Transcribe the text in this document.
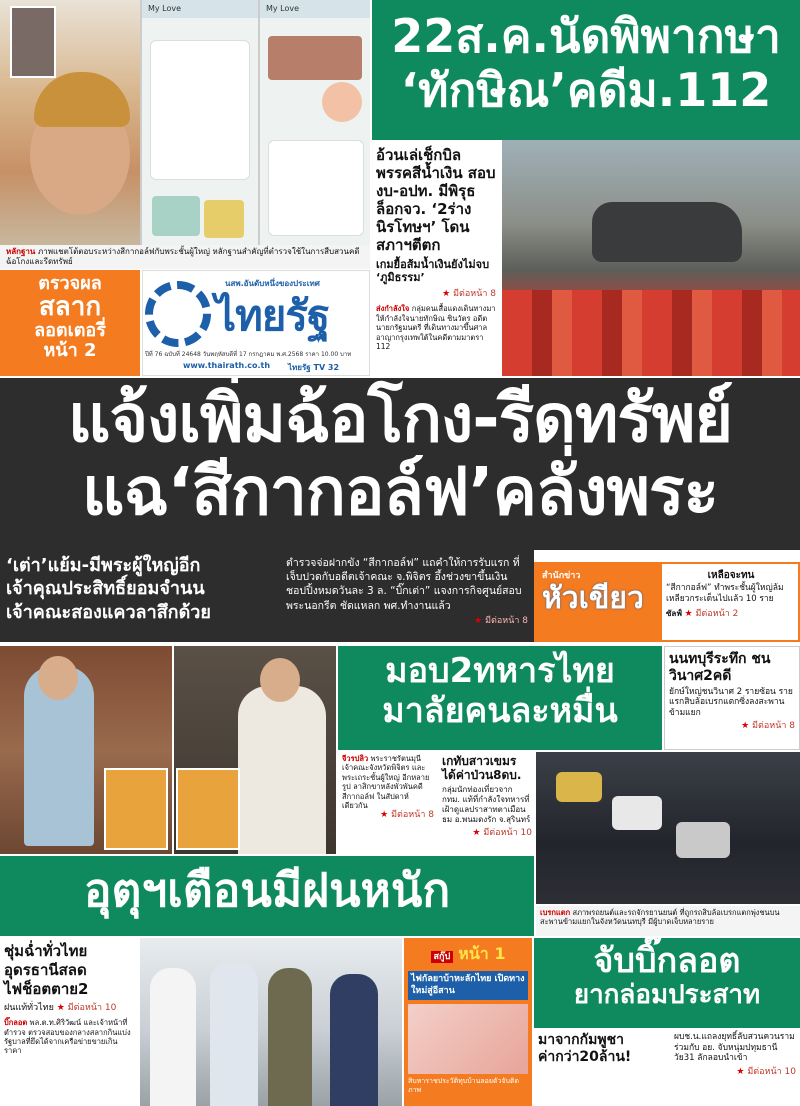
My Love	My Love
22ส.ค.นัดพิพากษา
‘ทักษิณ’คดีม.112
หลักฐาน ภาพแชตโต้ตอบระหว่างสีกากอล์ฟกับพระชั้นผู้ใหญ่ หลักฐานสำคัญที่ตำรวจใช้ในการสืบสวนคดีฉ้อโกงและรีดทรัพย์
อ้วนเล่เช็กบิล พรรคสีน้ำเงิน สอบงบ-อปท. มีพิรุธล็อกจว. ‘2ร่างนิรโทษฯ’ โดนสภาฯตีตก
เกมยื้อส้มน้ำเงินยังไม่จบ ‘ภูมิธรรม’
★ มีต่อหน้า 8
ส่งกำลังใจ กลุ่มคนเสื้อแดงเดินทางมาให้กำลังใจนายทักษิณ ชินวัตร อดีตนายกรัฐมนตรี ที่เดินทางมาขึ้นศาลอาญากรุงเทพใต้ในคดีตามมาตรา 112
ตรวจผล
สลาก
ลอตเตอรี่
หน้า 2
นสพ.อันดับหนึ่งของประเทศ
ไทยรัฐ
ปีที่ 76 ฉบับที่ 24648 วันพฤหัสบดีที่ 17 กรกฎาคม พ.ศ.2568 ราคา 10.00 บาท
www.thairath.co.th ไทยรัฐ TV 32
แจ้งเพิ่มฉ้อโกง-รีดทรัพย์
แฉ‘สีกากอล์ฟ’คลั่งพระ
‘เต่า’แย้ม-มีพระผู้ใหญ่อีก
เจ้าคุณประสิทธิ์ยอมจำนน
เจ้าคณะสองแควลาสึกด้วย
ตำรวจจ่อฝากขัง “สีกากอล์ฟ” แถคำให้การรับแรก ที่เจ็บปวดกับอดีตเจ้าคณะ จ.พิจิตร อึ้งช่วงขาขึ้นเงินชอปปิ้งหมดวันละ 3 ล. “บิ๊กเต่า” แจงการกิจศูนย์สอบพระนอกรีต ชัดแหลก พศ.ทำงานแล้ว
★ มีต่อหน้า 8
สำนักข่าว
หัวเขียว
เหลือจะทน
“สีกากอล์ฟ” ทำพระชั้นผู้ใหญ่ล้มเหลียวกระเด็นไปแล้ว 10 ราย
ซัลฟ์ ★ มีต่อหน้า 2
มอบ2ทหารไทย
มาลัยคนละหมื่น
จีวรปลิว พระราชรัตนมุนี เจ้าคณะจังหวัดพิจิตร และพระเถระชั้นผู้ใหญ่ อีกหลายรูป ลาสิกขาหลังพัวพันคดีสีกากอล์ฟ ในสัปดาห์เดียวกัน
★ มีต่อหน้า 8
เกทับสาวเขมร ได้ค่าป่วน8ดบ.
กลุ่มนักท่องเที่ยวจาก กทม. แท้ที่กำลังใจทหารที่เฝ้าดูแลปราสาทตาเมือนธม อ.พนมดงรัก จ.สุรินทร์
★ มีต่อหน้า 10
นนทบุรีระทึก ชนวินาศ2คดี
ยักษ์ใหญ่ชนวินาศ 2 รายซ้อน รายแรกสิบล้อเบรกแตกซิ่งลงสะพานข้ามแยก
★ มีต่อหน้า 8
อุตุฯเตือนมีฝนหนัก	เบรกแตก สภาพรถยนต์และรถจักรยานยนต์ ที่ถูกรถสิบล้อเบรกแตกพุ่งชนบนสะพานข้ามแยกในจังหวัดนนทบุรี มีผู้บาดเจ็บหลายราย
ชุ่มฉ่ำทั่วไทย
อุดรธานีสลด
ไฟช็อตตาย2
ฝนแท้ทั่วไทย ★ มีต่อหน้า 10
บิ๊กลอต พล.ต.ท.ศิริวัฒน์ และเจ้าหน้าที่ตำรวจ ตรวจสอบของกลางสลากกินแบ่งรัฐบาลที่ยึดได้จากเครือข่ายขายเกินราคา
สกู๊ป หน้า 1
ไฟกัลยาบ้าหะลักไทย เปิดทางใหม่สู่อีสาน
สิบหาราชประวัติทุบบ้านลอยตัวจับติดภาพ
จับบิ๊กลอต
ยากล่อมประสาท
มาจากกัมพูชา
ค่ากว่า20ล้าน!
ผบช.น.แถลงยุทธิ์ลับสวนควนราม ร่วมกับ อย. จับหนุ่มปทุมธานีวัย31 ลักลอบนำเข้า
★ มีต่อหน้า 10
